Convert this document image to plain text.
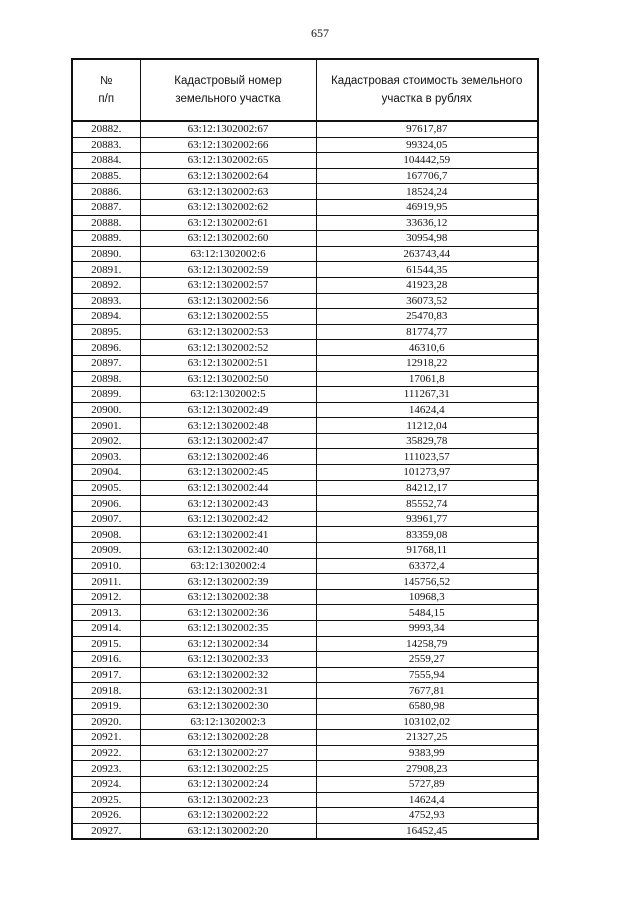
657
№
п/п	Кадастровый номер земельного участка	Кадастровая стоимость земельного участка в рублях
20882.	63:12:1302002:67	97617,87
20883.	63:12:1302002:66	99324,05
20884.	63:12:1302002:65	104442,59
20885.	63:12:1302002:64	167706,7
20886.	63:12:1302002:63	18524,24
20887.	63:12:1302002:62	46919,95
20888.	63:12:1302002:61	33636,12
20889.	63:12:1302002:60	30954,98
20890.	63:12:1302002:6	263743,44
20891.	63:12:1302002:59	61544,35
20892.	63:12:1302002:57	41923,28
20893.	63:12:1302002:56	36073,52
20894.	63:12:1302002:55	25470,83
20895.	63:12:1302002:53	81774,77
20896.	63:12:1302002:52	46310,6
20897.	63:12:1302002:51	12918,22
20898.	63:12:1302002:50	17061,8
20899.	63:12:1302002:5	111267,31
20900.	63:12:1302002:49	14624,4
20901.	63:12:1302002:48	11212,04
20902.	63:12:1302002:47	35829,78
20903.	63:12:1302002:46	111023,57
20904.	63:12:1302002:45	101273,97
20905.	63:12:1302002:44	84212,17
20906.	63:12:1302002:43	85552,74
20907.	63:12:1302002:42	93961,77
20908.	63:12:1302002:41	83359,08
20909.	63:12:1302002:40	91768,11
20910.	63:12:1302002:4	63372,4
20911.	63:12:1302002:39	145756,52
20912.	63:12:1302002:38	10968,3
20913.	63:12:1302002:36	5484,15
20914.	63:12:1302002:35	9993,34
20915.	63:12:1302002:34	14258,79
20916.	63:12:1302002:33	2559,27
20917.	63:12:1302002:32	7555,94
20918.	63:12:1302002:31	7677,81
20919.	63:12:1302002:30	6580,98
20920.	63:12:1302002:3	103102,02
20921.	63:12:1302002:28	21327,25
20922.	63:12:1302002:27	9383,99
20923.	63:12:1302002:25	27908,23
20924.	63:12:1302002:24	5727,89
20925.	63:12:1302002:23	14624,4
20926.	63:12:1302002:22	4752,93
20927.	63:12:1302002:20	16452,45
